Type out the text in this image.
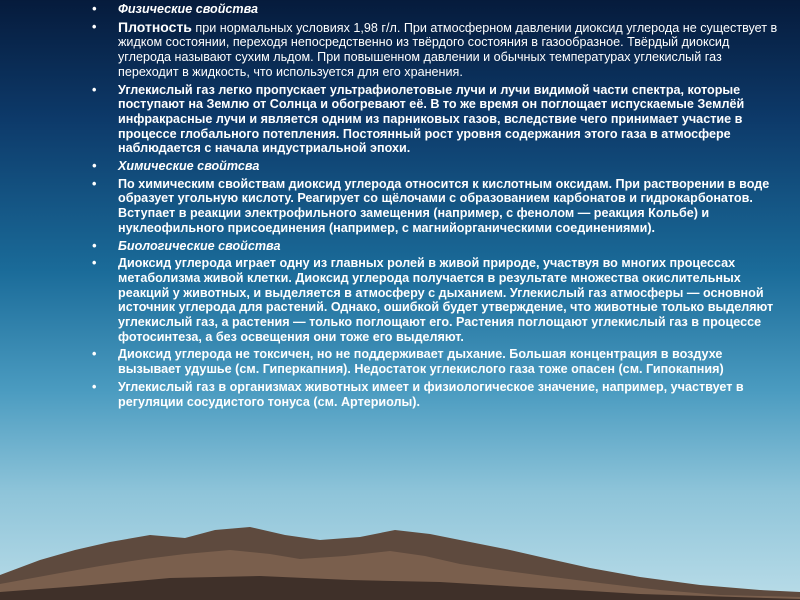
• Физические свойства
• Плотность при нормальных условиях 1,98 г/л. При атмосферном давлении диоксид углерода не существует в жидком состоянии, переходя непосредственно из твёрдого состояния в газообразное. Твёрдый диоксид углерода называют сухим льдом. При повышенном давлении и обычных температурах углекислый газ переходит в жидкость, что используется для его хранения.
• Углекислый газ легко пропускает ультрафиолетовые лучи и лучи видимой части спектра, которые поступают на Землю от Солнца и обогревают её. В то же время он поглощает испускаемые Землёй инфракрасные лучи и является одним из парниковых газов, вследствие чего принимает участие в процессе глобального потепления. Постоянный рост уровня содержания этого газа в атмосфере наблюдается с начала индустриальной эпохи.
• Химические свойтсва
• По химическим свойствам диоксид углерода относится к кислотным оксидам. При растворении в воде образует угольную кислоту. Реагирует со щёлочами с образованием карбонатов и гидрокарбонатов. Вступает в реакции электрофильного замещения (например, с фенолом — реакция Кольбе) и нуклеофильного присоединения (например, с магнийорганическими соединениями).
• Биологические свойства
• Диоксид углерода играет одну из главных ролей в живой природе, участвуя во многих процессах метаболизма живой клетки. Диоксид углерода получается в результате множества окислительных реакций у животных, и выделяется в атмосферу с дыханием. Углекислый газ атмосферы — основной источник углерода для растений. Однако, ошибкой будет утверждение, что животные только выделяют углекислый газ, а растения — только поглощают его. Растения поглощают углекислый газ в процессе фотосинтеза, а без освещения они тоже его выделяют.
• Диоксид углерода не токсичен, но не поддерживает дыхание. Большая концентрация в воздухе вызывает удушье (см. Гиперкапния). Недостаток углекислого газа тоже опасен (см. Гипокапния)
• Углекислый газ в организмах животных имеет и физиологическое значение, например, участвует в регуляции сосудистого тонуса (см. Артериолы).
